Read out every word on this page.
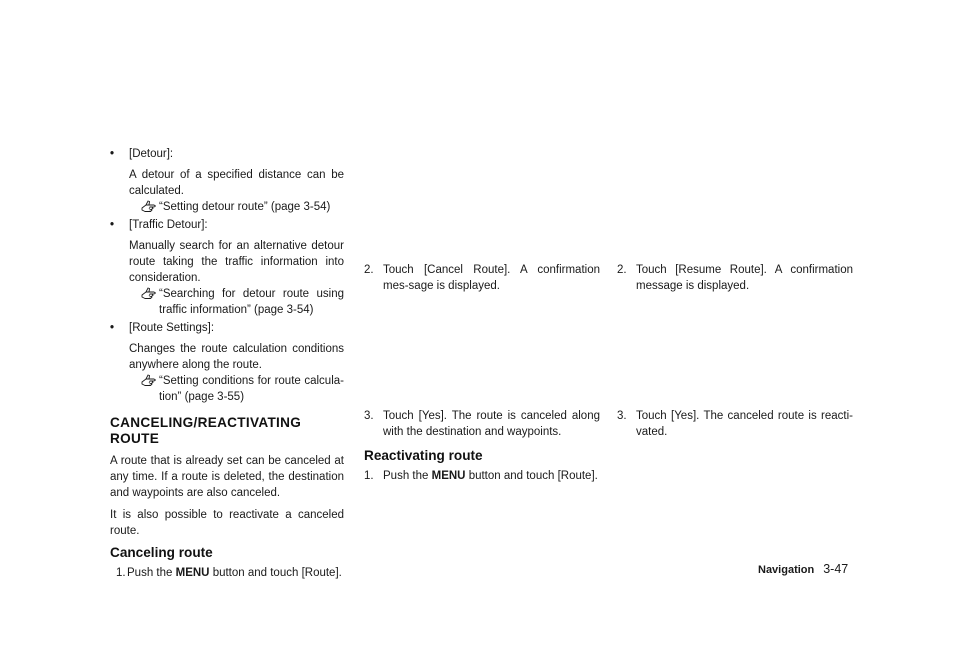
•	[Detour]:
A detour of a specified distance can be calculated.
“Setting detour route” (page 3-54)
•	[Traffic Detour]:
Manually search for an alternative detour route taking the traffic information into consideration.
“Searching for detour route using traffic information” (page 3-54)
•	[Route Settings]:
Changes the route calculation conditions anywhere along the route.
“Setting conditions for route calcula-tion” (page 3-55)
CANCELING/REACTIVATING ROUTE
A route that is already set can be canceled at any time. If a route is deleted, the destination and waypoints are also canceled.
It is also possible to reactivate a canceled route.
Canceling route
1. Push the MENU button and touch [Route].
2. Touch [Cancel Route]. A confirmation mes-sage is displayed.
3. Touch [Yes]. The route is canceled along with the destination and waypoints.
Reactivating route
1. Push the MENU button and touch [Route].
2. Touch [Resume Route]. A confirmation message is displayed.
3. Touch [Yes]. The canceled route is reacti-vated.
Navigation 3-47
